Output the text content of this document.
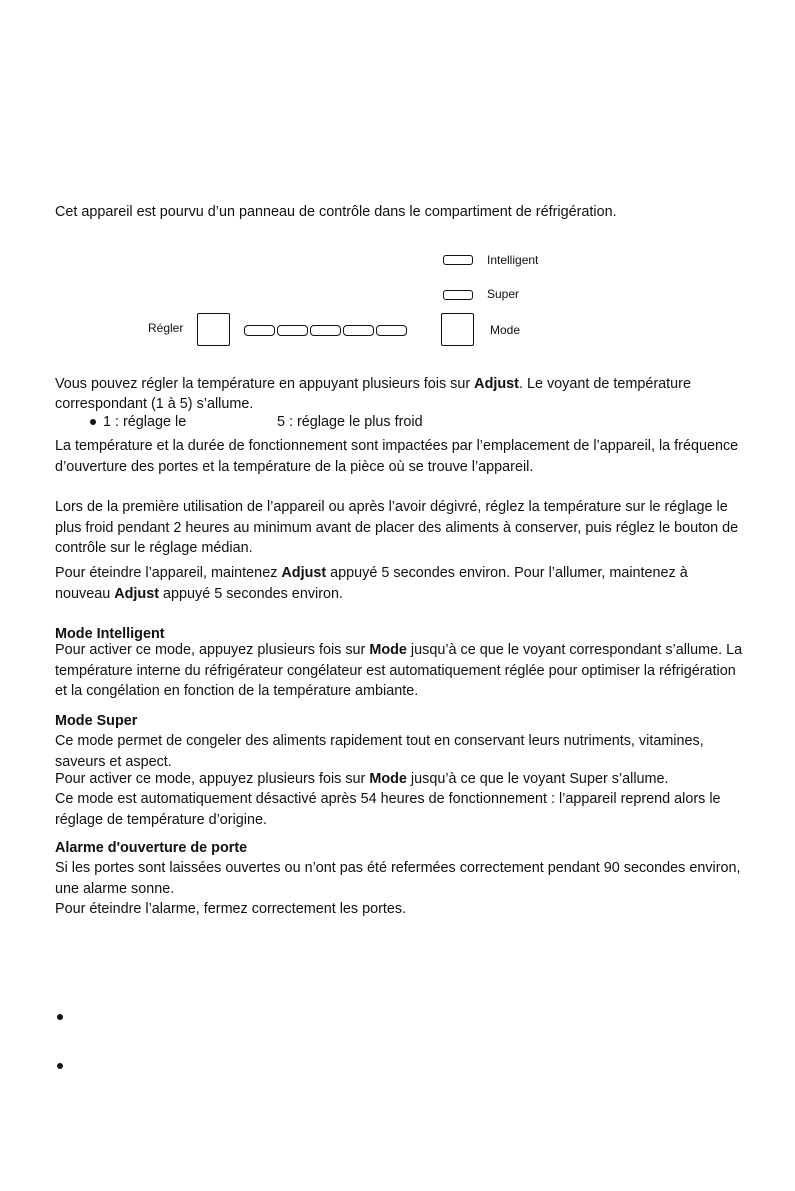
Cet appareil est pourvu d’un panneau de contrôle dans le compartiment de réfrigération.
Intelligent
Super
Régler	Mode
Vous pouvez régler la température en appuyant plusieurs fois sur Adjust. Le voyant de température
correspondant (1 à 5) s’allume.
1 : réglage le	5 : réglage le plus froid
La température et la durée de fonctionnement sont impactées par l’emplacement de l’appareil, la fréquence d’ouverture des portes et la température de la pièce où se trouve l’appareil.
Lors de la première utilisation de l’appareil ou après l’avoir dégivré, réglez la température sur le réglage le plus froid pendant 2 heures au minimum avant de placer des aliments à conserver, puis réglez le bouton de contrôle sur le réglage médian.
Pour éteindre l’appareil, maintenez Adjust appuyé 5 secondes environ. Pour l’allumer, maintenez à nouveau Adjust appuyé 5 secondes environ.
Mode Intelligent
Pour activer ce mode, appuyez plusieurs fois sur Mode jusqu’à ce que le voyant correspondant s’allume. La température interne du réfrigérateur congélateur est automatiquement réglée pour optimiser la réfrigération et la congélation en fonction de la température ambiante.
Mode Super
Ce mode permet de congeler des aliments rapidement tout en conservant leurs nutriments, vitamines, saveurs et aspect.
Pour activer ce mode, appuyez plusieurs fois sur Mode jusqu’à ce que le voyant Super s’allume.
Ce mode est automatiquement désactivé après 54 heures de fonctionnement : l’appareil reprend alors le réglage de température d’origine.
Alarme d'ouverture de porte
Si les portes sont laissées ouvertes ou n’ont pas été refermées correctement pendant 90 secondes environ, une alarme sonne.
Pour éteindre l’alarme, fermez correctement les portes.
